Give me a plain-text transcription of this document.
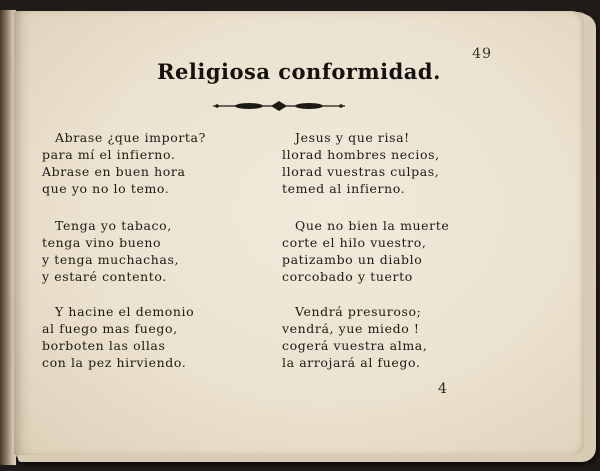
49
Religiosa conformidad.
Abrase ¿que importa?
para mí el infierno.
Abrase en buen hora
que yo no lo temo.
Tenga yo tabaco,
tenga vino bueno
y tenga muchachas,
y estaré contento.
Y hacine el demonio
al fuego mas fuego,
borboten las ollas
con la pez hirviendo.
Jesus y que risa!
llorad hombres necios,
llorad vuestras culpas,
temed al infierno.
Que no bien la muerte
corte el hilo vuestro,
patizambo un diablo
corcobado y tuerto
Vendrá presuroso;
vendrá, yue miedo !
cogerá vuestra alma,
la arrojará al fuego.
4
